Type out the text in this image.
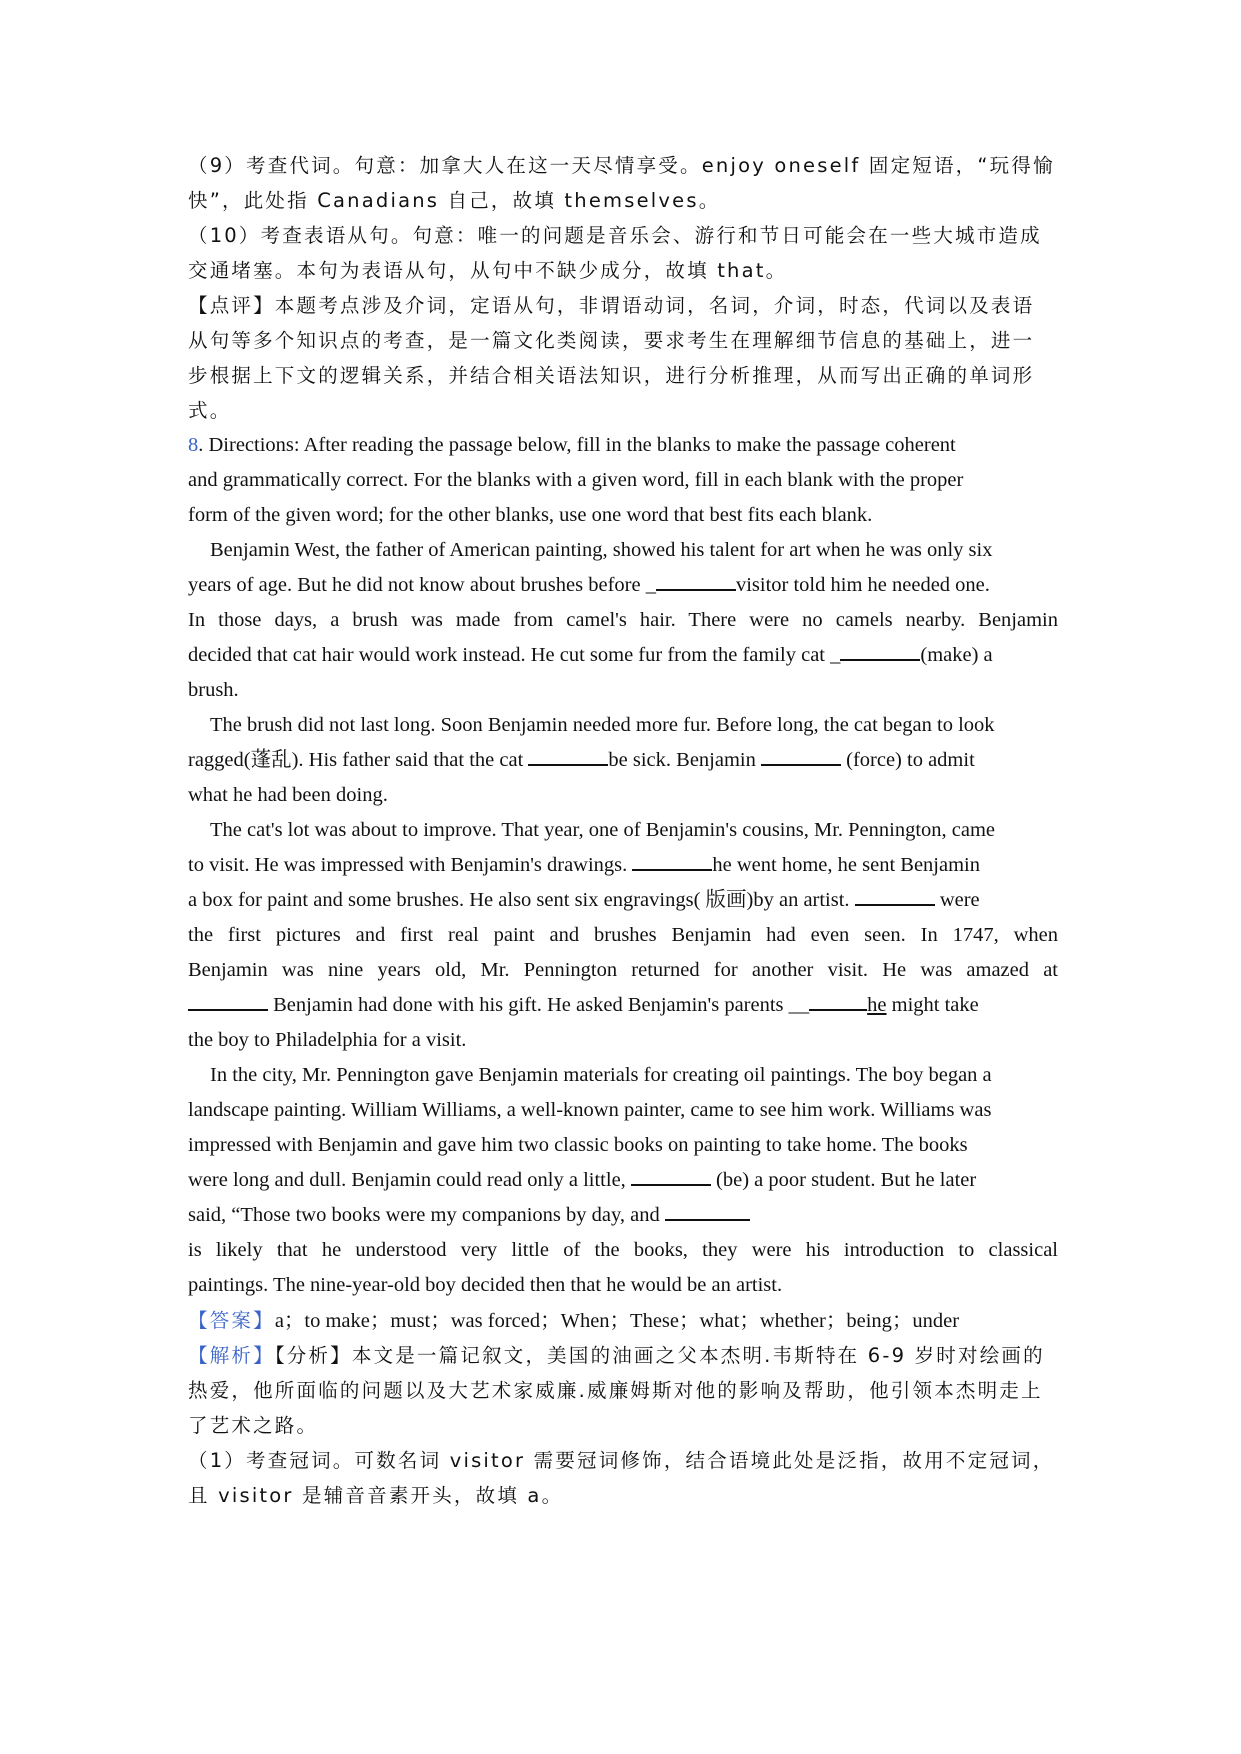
（9）考查代词。句意：加拿大人在这一天尽情享受。enjoy oneself 固定短语，“玩得愉
快”，此处指 Canadians 自己，故填 themselves。
（10）考查表语从句。句意：唯一的问题是音乐会、游行和节日可能会在一些大城市造成
交通堵塞。本句为表语从句，从句中不缺少成分，故填 that。
【点评】本题考点涉及介词，定语从句，非谓语动词，名词，介词，时态，代词以及表语
从句等多个知识点的考查，是一篇文化类阅读，要求考生在理解细节信息的基础上，进一
步根据上下文的逻辑关系，并结合相关语法知识，进行分析推理，从而写出正确的单词形
式。
8. Directions: After reading the passage below, fill in the blanks to make the passage coherent
and grammatically correct. For the blanks with a given word, fill in each blank with the proper
form of the given word; for the other blanks, use one word that best fits each blank.
Benjamin West, the father of American painting, showed his talent for art when he was only six
years of age. But he did not know about brushes before _	visitor told him he needed one.
In those days, a brush was made from camel's hair. There were no camels nearby. Benjamin
decided that cat hair would work instead. He cut some fur from the family cat _	(make) a
brush.
The brush did not last long. Soon Benjamin needed more fur. Before long, the cat began to look
ragged(蓬乱). His father said that the cat	be sick. Benjamin	(force) to admit
what he had been doing.
The cat's lot was about to improve. That year, one of Benjamin's cousins, Mr. Pennington, came
to visit. He was impressed with Benjamin's drawings.	he went home, he sent Benjamin
a box for paint and some brushes. He also sent six engravings( 版画)by an artist.	were
the first pictures and first real paint and brushes Benjamin had even seen. In 1747, when
Benjamin was nine years old, Mr. Pennington returned for another visit. He was amazed at
Benjamin had done with his gift. He asked Benjamin's parents __	he might take
the boy to Philadelphia for a visit.
In the city, Mr. Pennington gave Benjamin materials for creating oil paintings. The boy began a
landscape painting. William Williams, a well-known painter, came to see him work. Williams was
impressed with Benjamin and gave him two classic books on painting to take home. The books
were long and dull. Benjamin could read only a little,	(be) a poor student. But he later
said, “Those two books were my companions by day, and
is likely that he understood very little of the books, they were his introduction to classical
paintings. The nine-year-old boy decided then that he would be an artist.
【答案】a；to make；must；was forced；When；These；what；whether；being；under
【解析】【分析】本文是一篇记叙文，美国的油画之父本杰明.韦斯特在 6-9 岁时对绘画的
热爱，他所面临的问题以及大艺术家威廉.威廉姆斯对他的影响及帮助，他引领本杰明走上
了艺术之路。
（1）考查冠词。可数名词 visitor 需要冠词修饰，结合语境此处是泛指，故用不定冠词，
且 visitor 是辅音音素开头，故填 a。
